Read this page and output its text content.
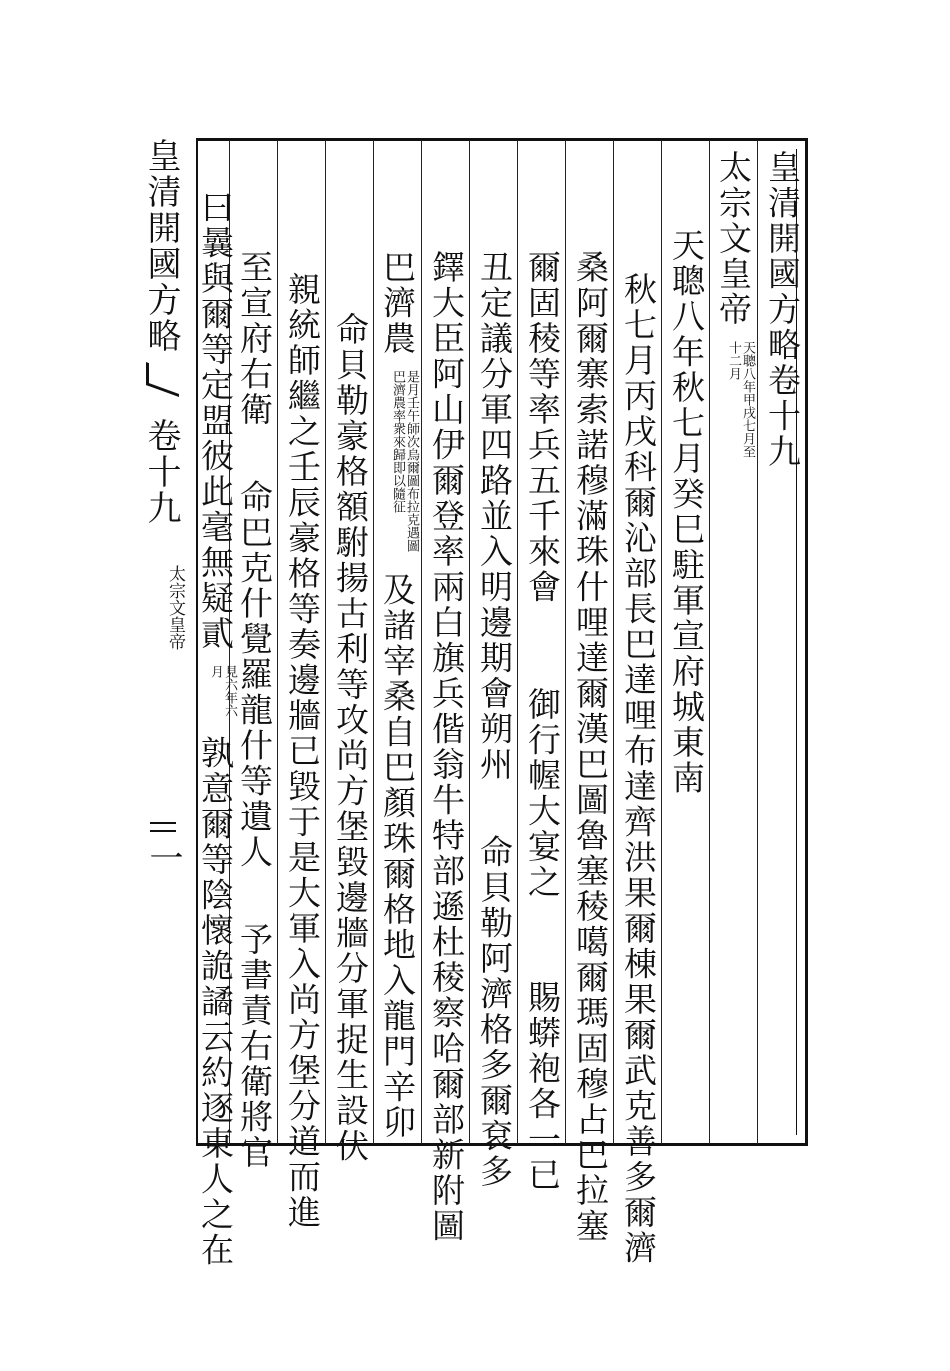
皇清開國方略
卷十九
太宗文皇帝
一
皇清開國方略卷十九
太宗文皇帝 天聰八年甲戌七月至十二月
天聰八年秋七月癸巳駐軍宣府城東南
秋七月丙戌科爾沁部長巴達哩布達齊洪果爾棟果爾武克善多爾濟
桑阿爾寨索諾穆滿珠什哩達爾漢巴圖魯塞稜噶爾瑪固穆占巴拉塞
爾固稜等率兵五千來會御行幄大宴之賜蟒袍各一已
丑定議分軍四路並入明邊期會朔州命貝勒阿濟格多爾袞多
鐸大臣阿山伊爾登率兩白旗兵偕翁牛特部遜杜稜察哈爾部新附圖
巴濟農 是月壬午師次烏爾圖布拉克遇圖巴濟農率衆來歸即以隨征 及諸宰桑自巴顏珠爾格地入龍門辛卯
命貝勒豪格額駙揚古利等攻尚方堡毀邊牆分軍捉生設伏
親統師繼之壬辰豪格等奏邊牆已毀于是大軍入尚方堡分道而進
至宣府右衛命巴克什覺羅龍什等遺人予書責右衛將官
曰曩與爾等定盟彼此毫無疑貳 見六年六月 孰意爾等陰懷詭譎云約逐東人之在
